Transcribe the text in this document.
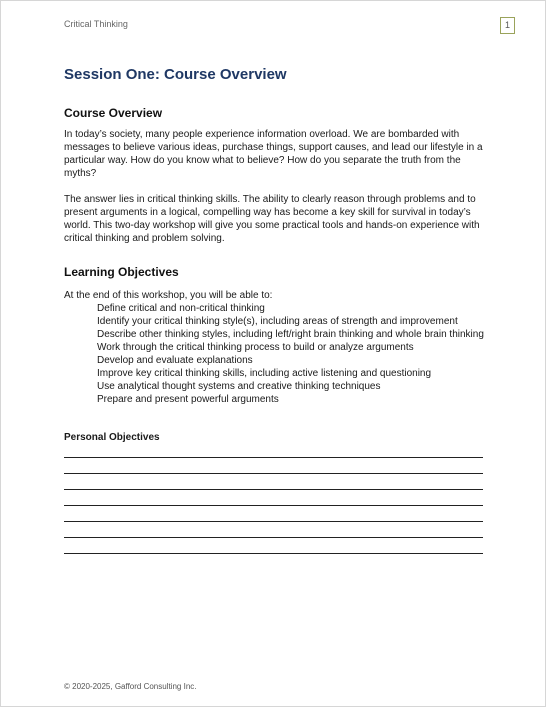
Critical Thinking	1
Session One: Course Overview
Course Overview

In today’s society, many people experience information overload. We are bombarded with messages to believe various ideas, purchase things, support causes, and lead our lifestyle in a particular way. How do you know what to believe? How do you separate the truth from the myths?

The answer lies in critical thinking skills. The ability to clearly reason through problems and to present arguments in a logical, compelling way has become a key skill for survival in today’s world. This two-day workshop will give you some practical tools and hands-on experience with critical thinking and problem solving.

Learning Objectives

At the end of this workshop, you will be able to:

Define critical and non-critical thinking
Identify your critical thinking style(s), including areas of strength and improvement
Describe other thinking styles, including left/right brain thinking and whole brain thinking
Work through the critical thinking process to build or analyze arguments
Develop and evaluate explanations
Improve key critical thinking skills, including active listening and questioning
Use analytical thought systems and creative thinking techniques
Prepare and present powerful arguments
Personal Objectives
© 2020-2025, Gafford Consulting Inc.
